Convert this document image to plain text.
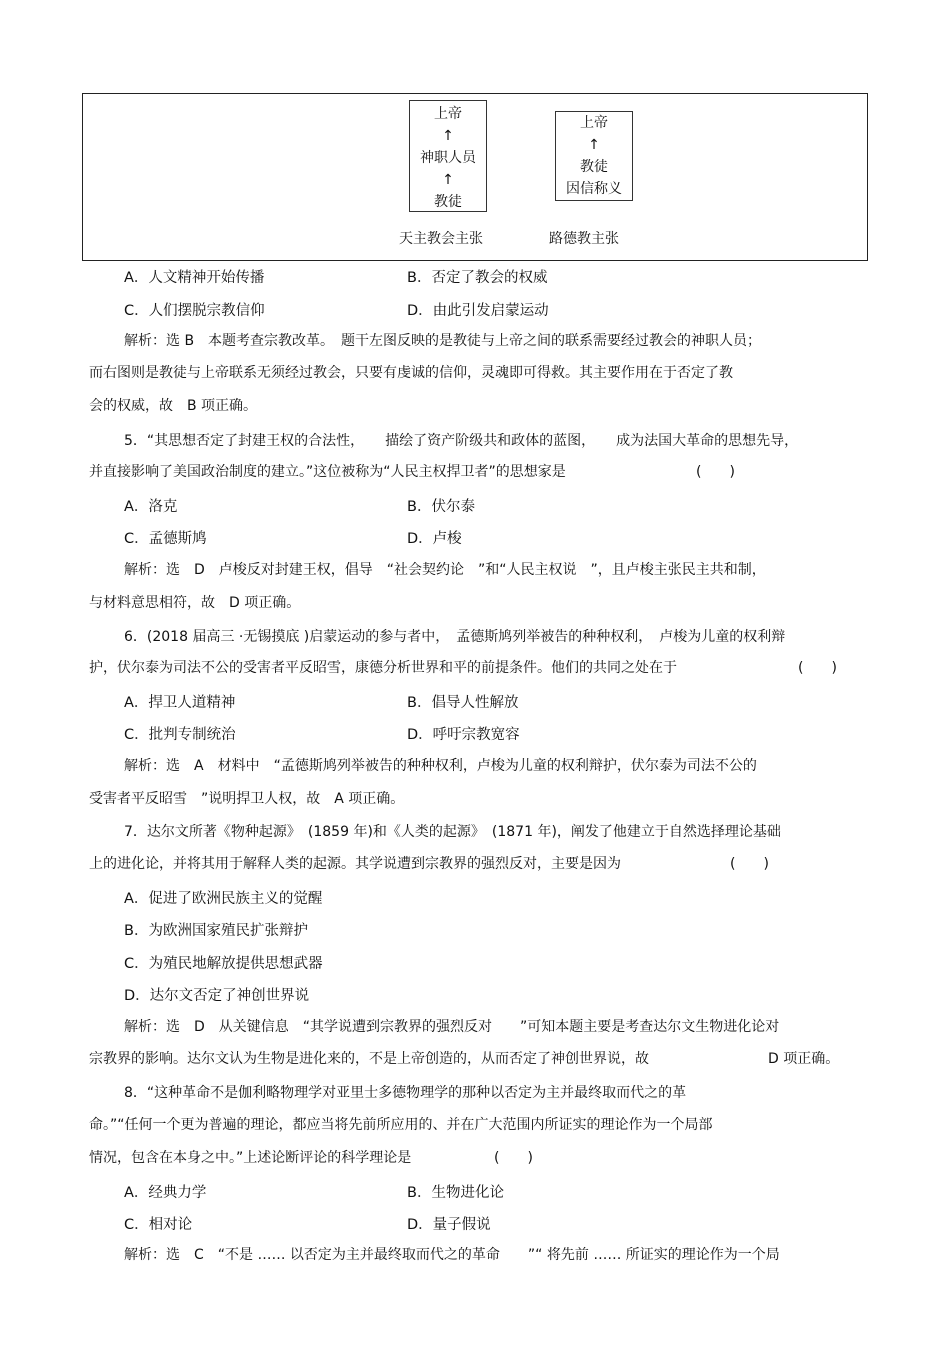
上帝
↑
神职人员
↑
教徒
上帝
↑
教徒
因信称义
天主教会主张	路德教主张
A．人文精神开始传播	B．否定了教会的权威
C．人们摆脱宗教信仰	D．由此引发启蒙运动
解析：选 B　本题考查宗教改革。　题干左图反映的是教徒与上帝之间的联系需要经过教会的神职人员；
而右图则是教徒与上帝联系无须经过教会，只要有虔诚的信仰，灵魂即可得救。其主要作用在于否定了教
会的权威，故　B 项正确。
5．“其思想否定了封建王权的合法性，　　描绘了资产阶级共和政体的蓝图，　　成为法国大革命的思想先导，
并直接影响了美国政治制度的建立。”这位被称为“人民主权捍卫者”的思想家是	(　　)
A．洛克	B．伏尔泰
C．孟德斯鸠	D．卢梭
解析：选　D　卢梭反对封建王权，倡导　“社会契约论　”和“人民主权说　”，且卢梭主张民主共和制，
与材料意思相符，故　D 项正确。
6．(2018 届高三 ·无锡摸底 )启蒙运动的参与者中，　孟德斯鸠列举被告的种种权利，　卢梭为儿童的权利辩
护，伏尔泰为司法不公的受害者平反昭雪，康德分析世界和平的前提条件。他们的共同之处在于	(　　)
A．捍卫人道精神	B．倡导人性解放
C．批判专制统治	D．呼吁宗教宽容
解析：选　A　材料中　“孟德斯鸠列举被告的种种权利，卢梭为儿童的权利辩护，伏尔泰为司法不公的
受害者平反昭雪　”说明捍卫人权，故　A 项正确。
7．达尔文所著《物种起源》　(1859 年)和《人类的起源》　(1871 年)，阐发了他建立于自然选择理论基础
上的进化论，并将其用于解释人类的起源。其学说遭到宗教界的强烈反对，主要是因为	(　　)
A．促进了欧洲民族主义的觉醒
B．为欧洲国家殖民扩张辩护
C．为殖民地解放提供思想武器
D．达尔文否定了神创世界说
解析：选　D　从关键信息　“其学说遭到宗教界的强烈反对　　”可知本题主要是考查达尔文生物进化论对
宗教界的影响。达尔文认为生物是进化来的，不是上帝创造的，从而否定了神创世界说，故	D 项正确。
8．“这种革命不是伽利略物理学对亚里士多德物理学的那种以否定为主并最终取而代之的革
命。”“任何一个更为普遍的理论，都应当将先前所应用的、并在广大范围内所证实的理论作为一个局部
情况，包含在本身之中。”上述论断评论的科学理论是	(　　)
A．经典力学	B．生物进化论
C．相对论	D．量子假说
解析：选　C　“不是 …… 以否定为主并最终取而代之的革命　　”“ 将先前 …… 所证实的理论作为一个局
